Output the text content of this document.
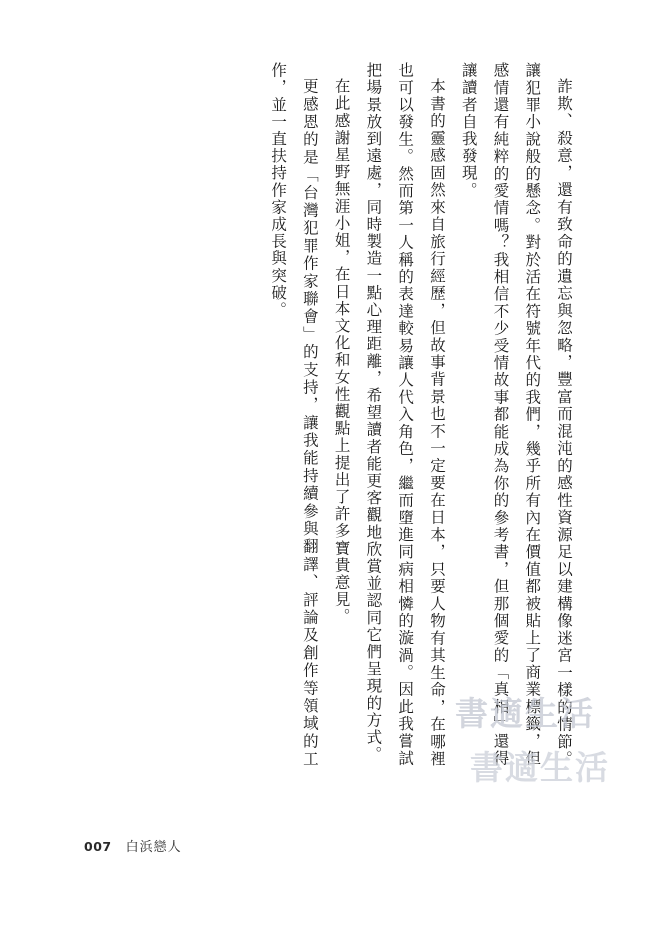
詐欺、殺意，還有致命的遺忘與忽略，豐富而混沌的感性資源足以建構像迷宮一樣的情節。讓犯罪小說般的懸念。對於活在符號年代的我們，幾乎所有內在價值都被貼上了商業標籤，但感情還有純粹的愛情嗎？我相信不少受情故事都能成為你的參考書，但那個愛的「真相」還得讓讀者自我發現。

本書的靈感固然來自旅行經歷，但故事背景也不一定要在日本，只要人物有其生命，在哪裡也可以發生。然而第一人稱的表達較易讓人代入角色，繼而墮進同病相憐的漩渦。因此我嘗試把場景放到遠處，同時製造一點心理距離，希望讀者能更客觀地欣賞並認同它們呈現的方式。

在此感謝星野無涯小姐，在日本文化和女性觀點上提出了許多寶貴意見。

更感恩的是「台灣犯罪作家聯會」的支持，讓我能持續參與翻譯、評論及創作等領域的工作，並一直扶持作家成長與突破。

書適生活
書適生活
007 白浜戀人
